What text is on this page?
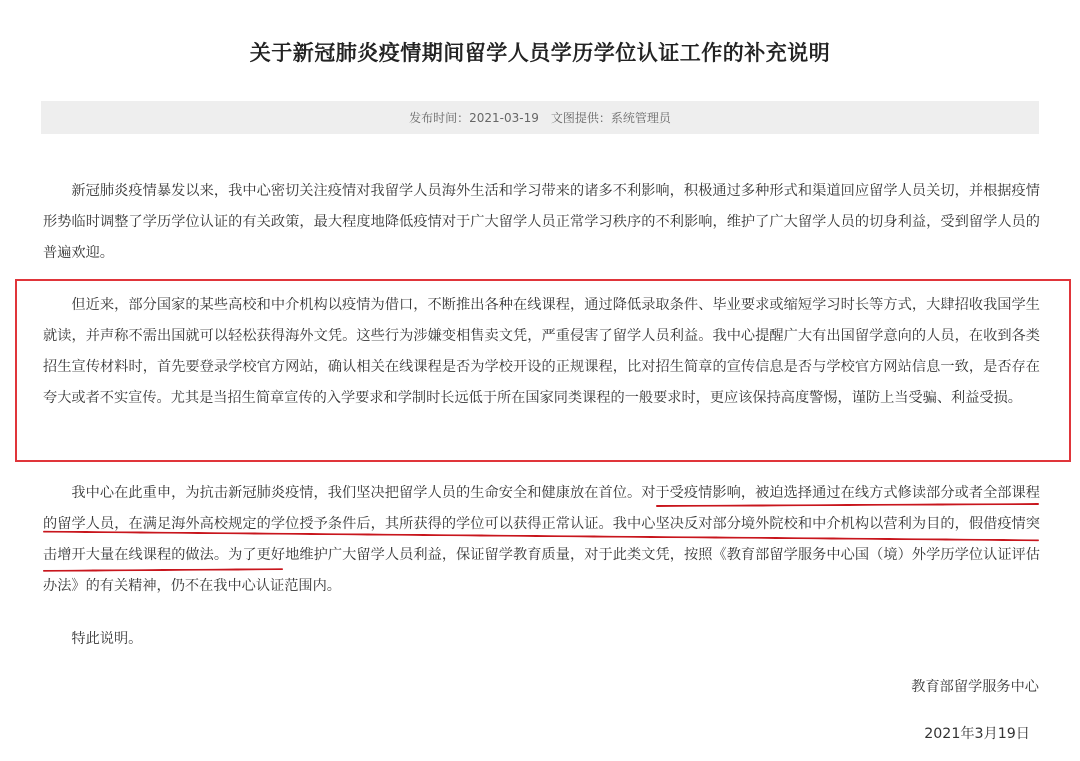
关于新冠肺炎疫情期间留学人员学历学位认证工作的补充说明
发布时间： 2021-03-19 文图提供： 系统管理员

新冠肺炎疫情暴发以来，我中心密切关注疫情对我留学人员海外生活和学习带来的诸多不利影响，积极通过多种形式和渠道回应留学人员关切，并根据疫情形势临时调整了学历学位认证的有关政策，最大程度地降低疫情对于广大留学人员正常学习秩序的不利影响，维护了广大留学人员的切身利益，受到留学人员的普遍欢迎。

但近来，部分国家的某些高校和中介机构以疫情为借口，不断推出各种在线课程，通过降低录取条件、毕业要求或缩短学习时长等方式，大肆招收我国学生就读，并声称不需出国就可以轻松获得海外文凭。这些行为涉嫌变相售卖文凭，严重侵害了留学人员利益。我中心提醒广大有出国留学意向的人员，在收到各类招生宣传材料时，首先要登录学校官方网站，确认相关在线课程是否为学校开设的正规课程，比对招生简章的宣传信息是否与学校官方网站信息一致，是否存在夸大或者不实宣传。尤其是当招生简章宣传的入学要求和学制时长远低于所在国家同类课程的一般要求时，更应该保持高度警惕，谨防上当受骗、利益受损。

我中心在此重申，为抗击新冠肺炎疫情，我们坚决把留学人员的生命安全和健康放在首位。对于受疫情影响，被迫选择通过在线方式修读部分或者全部课程的留学人员，在满足海外高校规定的学位授予条件后，其所获得的学位可以获得正常认证。我中心坚决反对部分境外院校和中介机构以营利为目的，假借疫情突击增开大量在线课程的做法。为了更好地维护广大留学人员利益，保证留学教育质量，对于此类文凭，按照《教育部留学服务中心国（境）外学历学位认证评估办法》的有关精神，仍不在我中心认证范围内。

特此说明。

教育部留学服务中心
2021年3月19日
